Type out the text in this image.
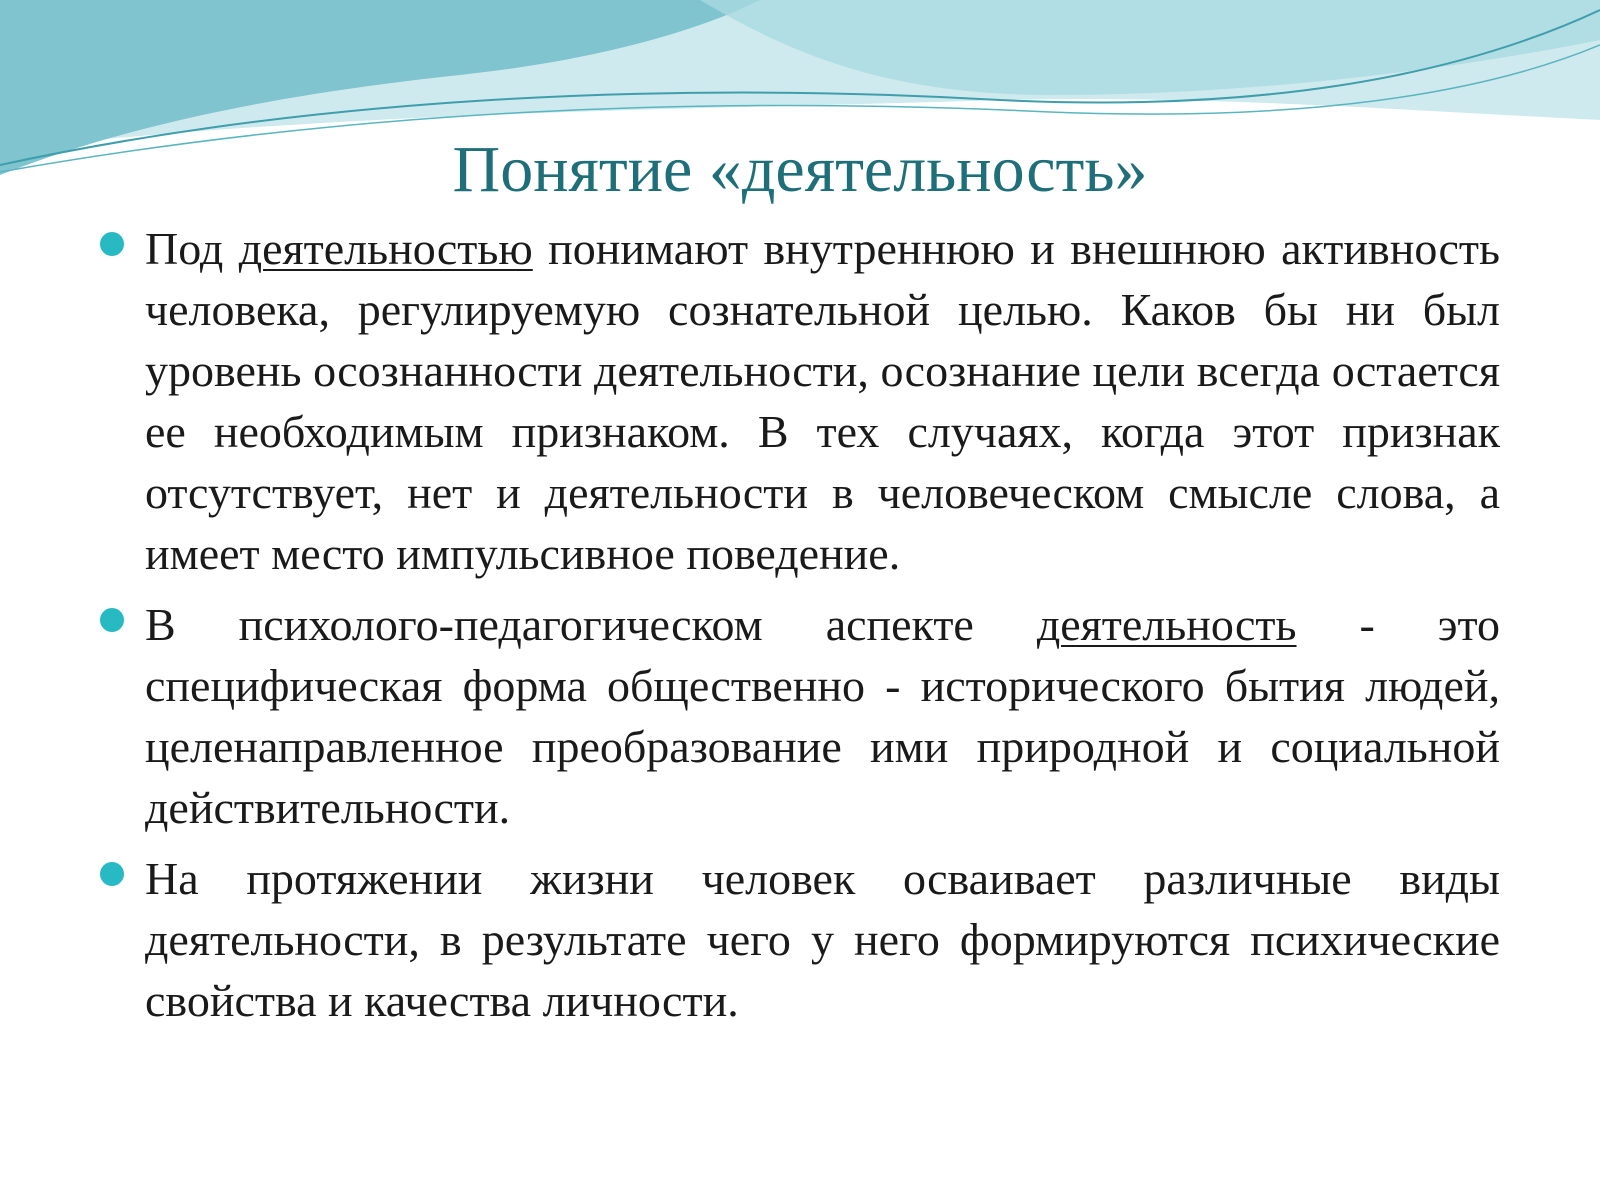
Понятие «деятельность»
Под деятельностью понимают внутреннюю и внешнюю активность человека, регулируемую сознательной целью. Каков бы ни был уровень осознанности деятельности, осознание цели всегда остается ее необходимым признаком. В тех случаях, когда этот признак отсутствует, нет и деятельности в человеческом смысле слова, а имеет место импульсивное поведение.
В психолого-педагогическом аспекте деятельность - это специфическая форма общественно - исторического бытия людей, целенаправленное преобразование ими природной и социальной действительности.
На протяжении жизни человек осваивает различные виды деятельности, в результате чего у него формируются психические свойства и качества личности.
